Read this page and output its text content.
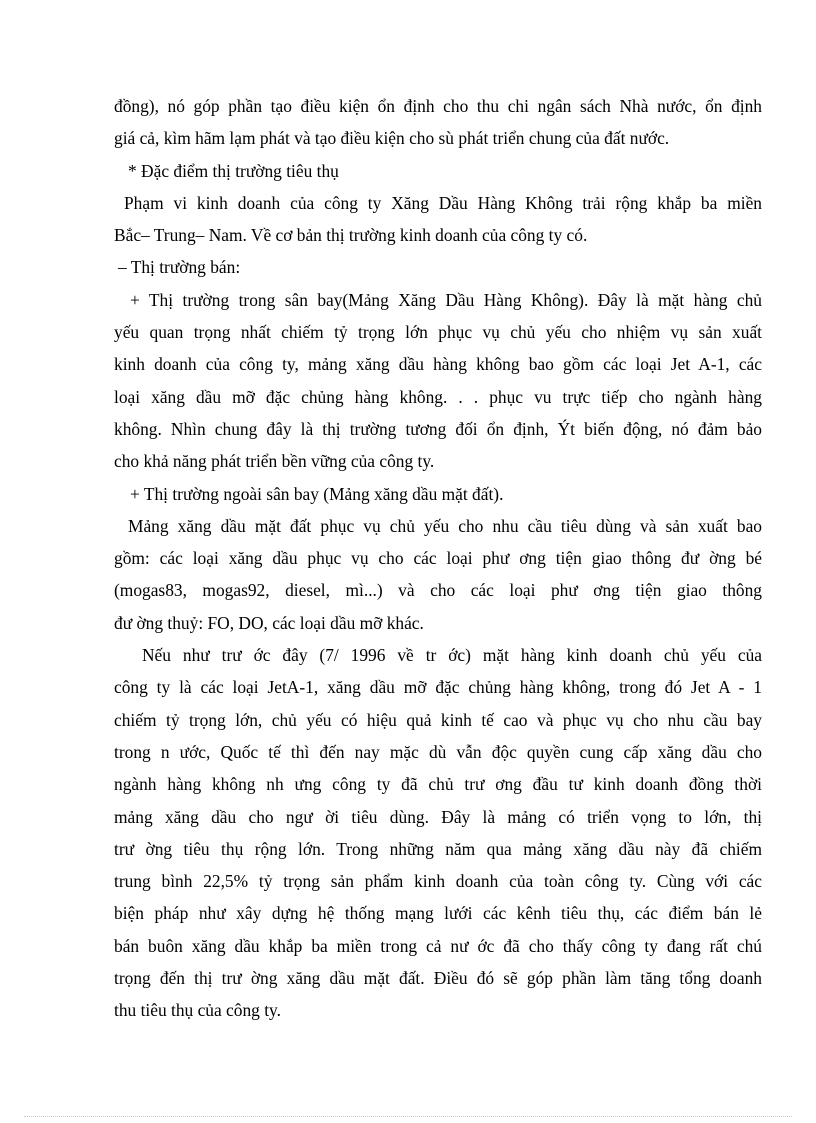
đồng), nó góp phần tạo điều kiện ổn định cho thu chi ngân sách Nhà nước, ổn định
giá cả, kìm hãm lạm phát và tạo điều kiện cho sù phát triển chung của đất nước.
* Đặc điểm thị trường tiêu thụ
Phạm vi kinh doanh của công ty Xăng Dầu Hàng Không trải rộng khắp ba miền
Bắc– Trung– Nam. Về cơ bản thị trường kinh doanh của công ty có.
– Thị trường bán:
+ Thị trường trong sân bay(Mảng Xăng Dầu Hàng Không). Đây là mặt hàng chủ
yếu quan trọng nhất chiếm tỷ trọng lớn phục vụ chủ yếu cho nhiệm vụ sản xuất
kinh doanh của công ty, mảng xăng dầu hàng không bao gồm các loại Jet A-1, các
loại xăng dầu mỡ đặc chủng hàng không. . . phục vu trực tiếp cho ngành hàng
không. Nhìn chung đây là thị trường tương đối ổn định, Ýt biến động, nó đảm bảo
cho khả năng phát triển bền vững của công ty.
+ Thị trường ngoài sân bay (Mảng xăng dầu mặt đất).
Mảng xăng dầu mặt đất phục vụ chủ yếu cho nhu cầu tiêu dùng và sản xuất bao
gồm: các loại xăng dầu phục vụ cho các loại phư ơng tiện giao thông đư ờng bé
(mogas83, mogas92, diesel, mì...) và cho các loại phư ơng tiện giao thông
đư ờng thuỷ: FO, DO, các loại dầu mỡ khác.
Nếu như trư ớc đây (7/ 1996 về tr ớc) mặt hàng kinh doanh chủ yếu của
công ty là các loại JetA-1, xăng dầu mỡ đặc chủng hàng không, trong đó Jet A - 1
chiếm tỷ trọng lớn, chủ yếu có hiệu quả kinh tế cao và phục vụ cho nhu cầu bay
trong n ước, Quốc tế thì đến nay mặc dù vẫn độc quyền cung cấp xăng dầu cho
ngành hàng không nh ưng công ty đã chủ trư ơng đầu tư kinh doanh đồng thời
mảng xăng dầu cho ngư ời tiêu dùng. Đây là mảng có triển vọng to lớn, thị
trư ờng tiêu thụ rộng lớn. Trong những năm qua mảng xăng dầu này đã chiếm
trung bình 22,5% tỷ trọng sản phẩm kinh doanh của toàn công ty. Cùng với các
biện pháp như xây dựng hệ thống mạng lưới các kênh tiêu thụ, các điểm bán lẻ
bán buôn xăng dầu khắp ba miền trong cả nư ớc đã cho thấy công ty đang rất chú
trọng đến thị trư ờng xăng dầu mặt đất. Điều đó sẽ góp phần làm tăng tổng doanh
thu tiêu thụ của công ty.
